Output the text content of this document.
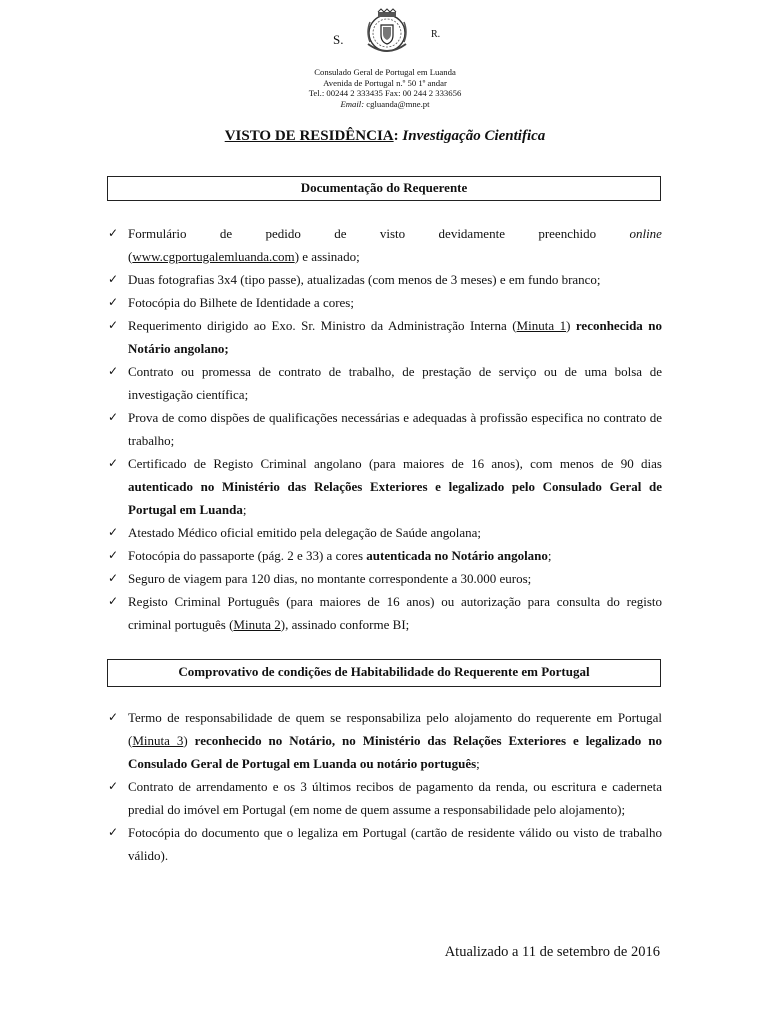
S.	R.
Consulado Geral de Portugal em Luanda
Avenida de Portugal n.º 50 1º andar
Tel.: 00244 2 333435 Fax: 00 244 2 333656
Email: cgluanda@mne.pt
VISTO DE RESIDÊNCIA: Investigação Cientifica
Documentação do Requerente
✓ Formulário	de	pedido	de	visto	devidamente	preenchido	online
(www.cgportugalemluanda.com) e assinado;
✓ Duas fotografias 3x4 (tipo passe), atualizadas (com menos de 3 meses) e em fundo branco;
✓ Fotocópia do Bilhete de Identidade a cores;
✓ Requerimento dirigido ao Exo. Sr. Ministro da Administração Interna (Minuta 1) reconhecida no Notário angolano;
✓ Contrato ou promessa de contrato de trabalho, de prestação de serviço ou de uma bolsa de investigação científica;
✓ Prova de como dispões de qualificações necessárias e adequadas à profissão especifica no contrato de trabalho;
✓ Certificado de Registo Criminal angolano (para maiores de 16 anos), com menos de 90 dias autenticado no Ministério das Relações Exteriores e legalizado pelo Consulado Geral de Portugal em Luanda;
✓ Atestado Médico oficial emitido pela delegação de Saúde angolana;
✓ Fotocópia do passaporte (pág. 2 e 33) a cores autenticada no Notário angolano;
✓ Seguro de viagem para 120 dias, no montante correspondente a 30.000 euros;
✓ Registo Criminal Português (para maiores de 16 anos) ou autorização para consulta do registo criminal português (Minuta 2), assinado conforme BI;
Comprovativo de condições de Habitabilidade do Requerente em Portugal
✓ Termo de responsabilidade de quem se responsabiliza pelo alojamento do requerente em Portugal (Minuta 3) reconhecido no Notário, no Ministério das Relações Exteriores e legalizado no Consulado Geral de Portugal em Luanda ou notário português;
✓ Contrato de arrendamento e os 3 últimos recibos de pagamento da renda, ou escritura e caderneta predial do imóvel em Portugal (em nome de quem assume a responsabilidade pelo alojamento);
✓ Fotocópia do documento que o legaliza em Portugal (cartão de residente válido ou visto de trabalho válido).
Atualizado a 11 de setembro de 2016
